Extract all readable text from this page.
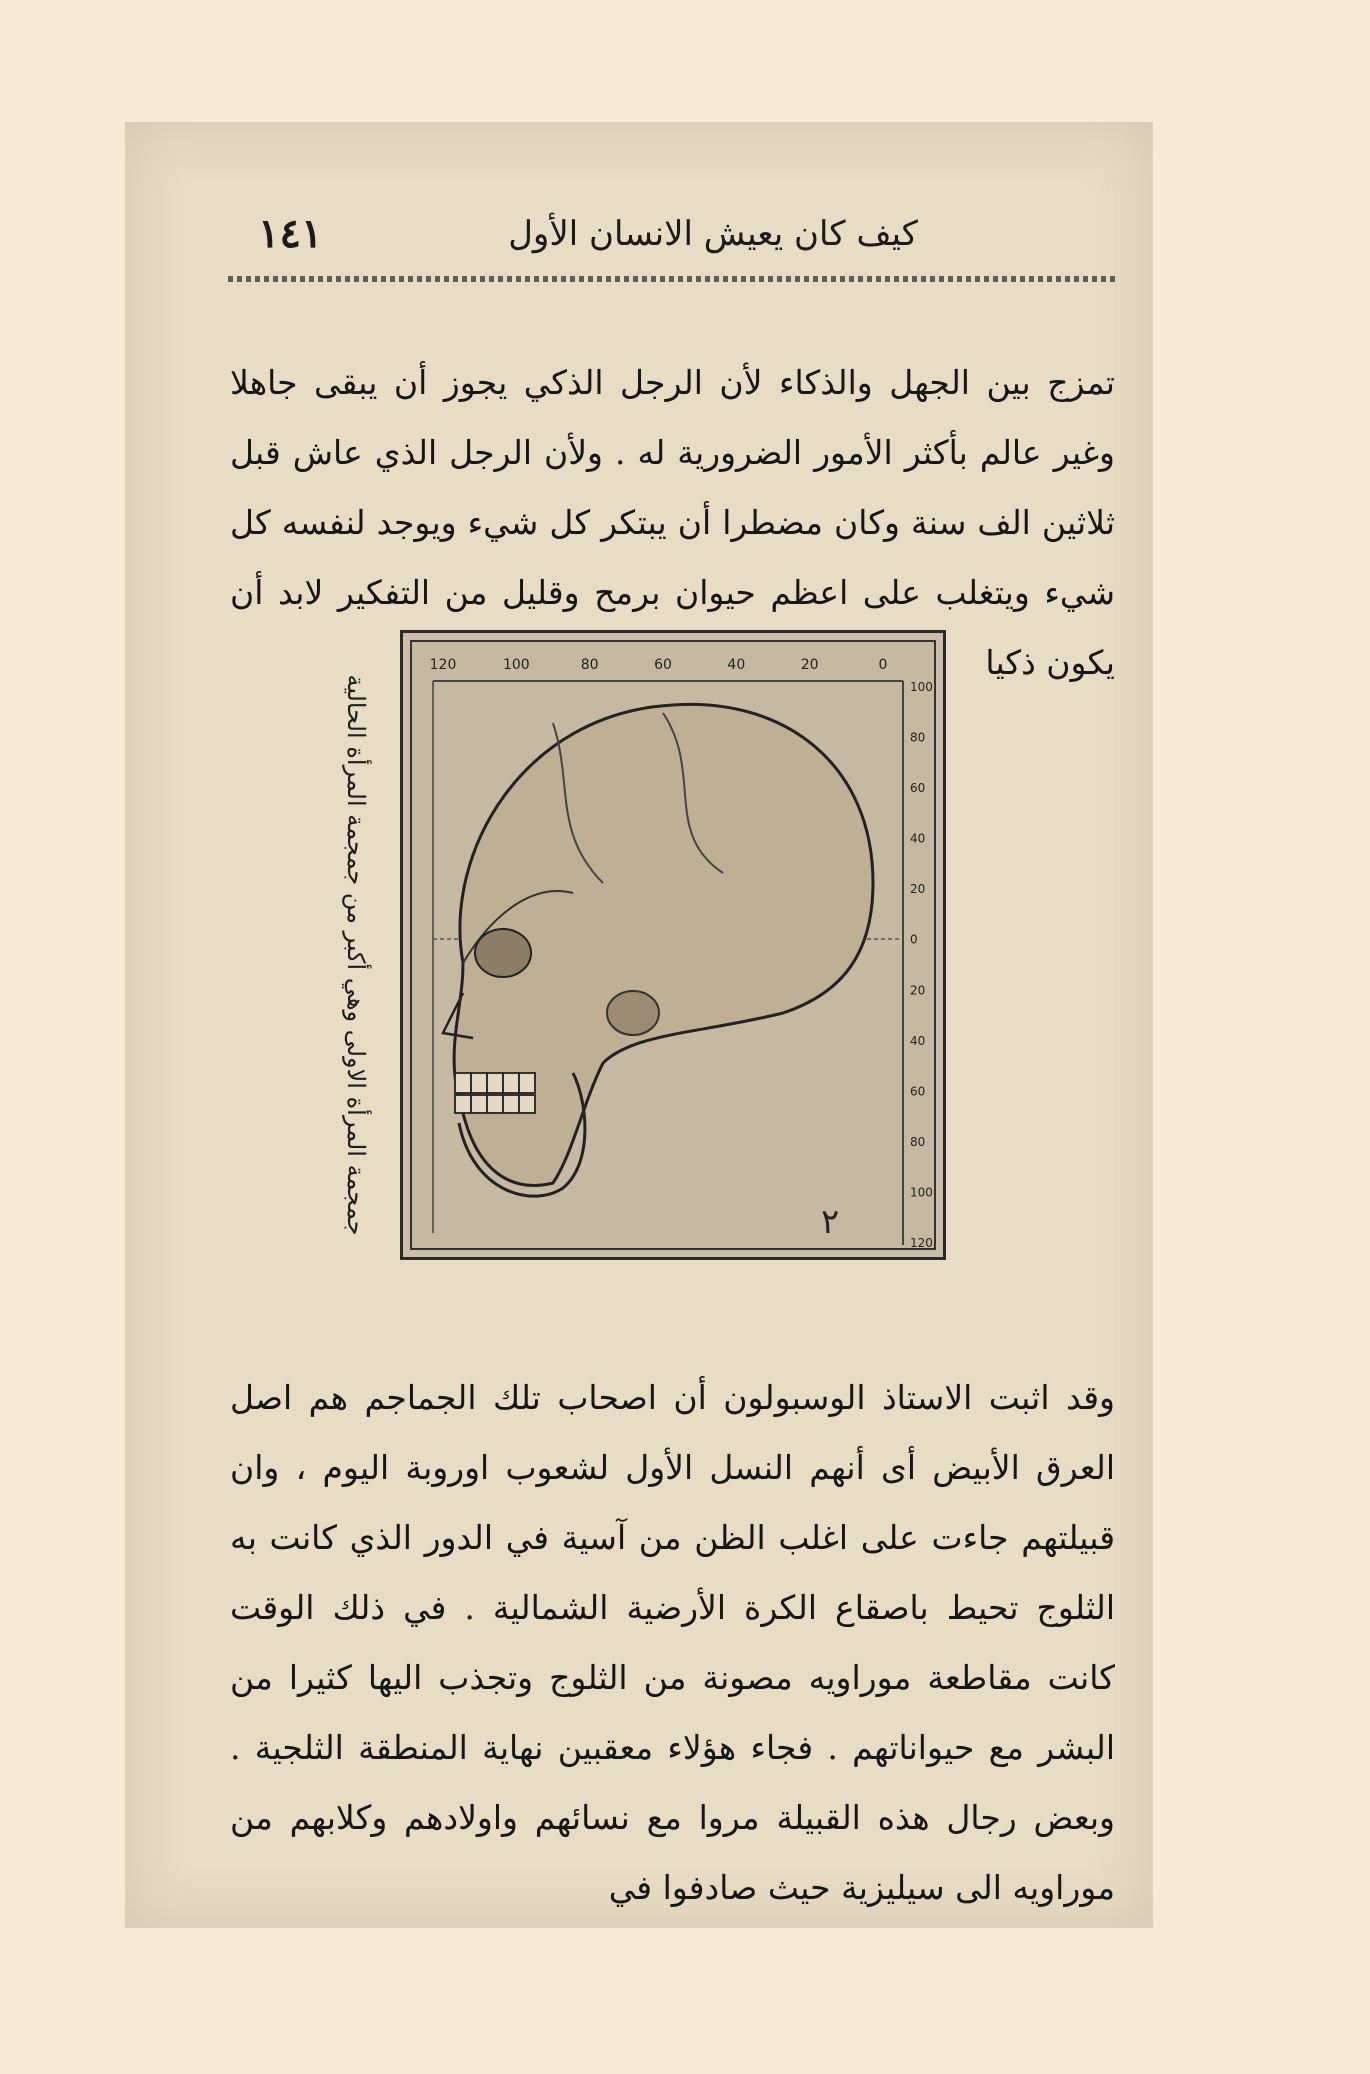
١٤١	كيف كان يعيش الانسان الأول

تمزج بين الجهل والذكاء لأن الرجل الذكي يجوز أن يبقى جاهلا وغير عالم بأكثر الأمور الضرورية له . ولأن الرجل الذي عاش قبل ثلاثين الف سنة وكان مضطرا أن يبتكر كل شيء ويوجد لنفسه كل شيء ويتغلب على اعظم حيوان برمح وقليل من التفكير لابد أن يكون ذكيا

جمجمة المرأة الاولى وهي أكبر من جمجمة المرأة الحالية
120	100	80	60	40	20	0
100
80
60
40
20
0
20
40
60
80
100
120
٢

وقد اثبت الاستاذ الوسبولون أن اصحاب تلك الجماجم هم اصل العرق الأبيض أى أنهم النسل الأول لشعوب اوروبة اليوم ، وان قبيلتهم جاءت على اغلب الظن من آسية في الدور الذي كانت به الثلوج تحيط باصقاع الكرة الأرضية الشمالية . في ذلك الوقت كانت مقاطعة موراويه مصونة من الثلوج وتجذب اليها كثيرا من البشر مع حيواناتهم . فجاء هؤلاء معقبين نهاية المنطقة الثلجية . وبعض رجال هذه القبيلة مروا مع نسائهم واولادهم وكلابهم من موراويه الى سيليزية حيث صادفوا في
